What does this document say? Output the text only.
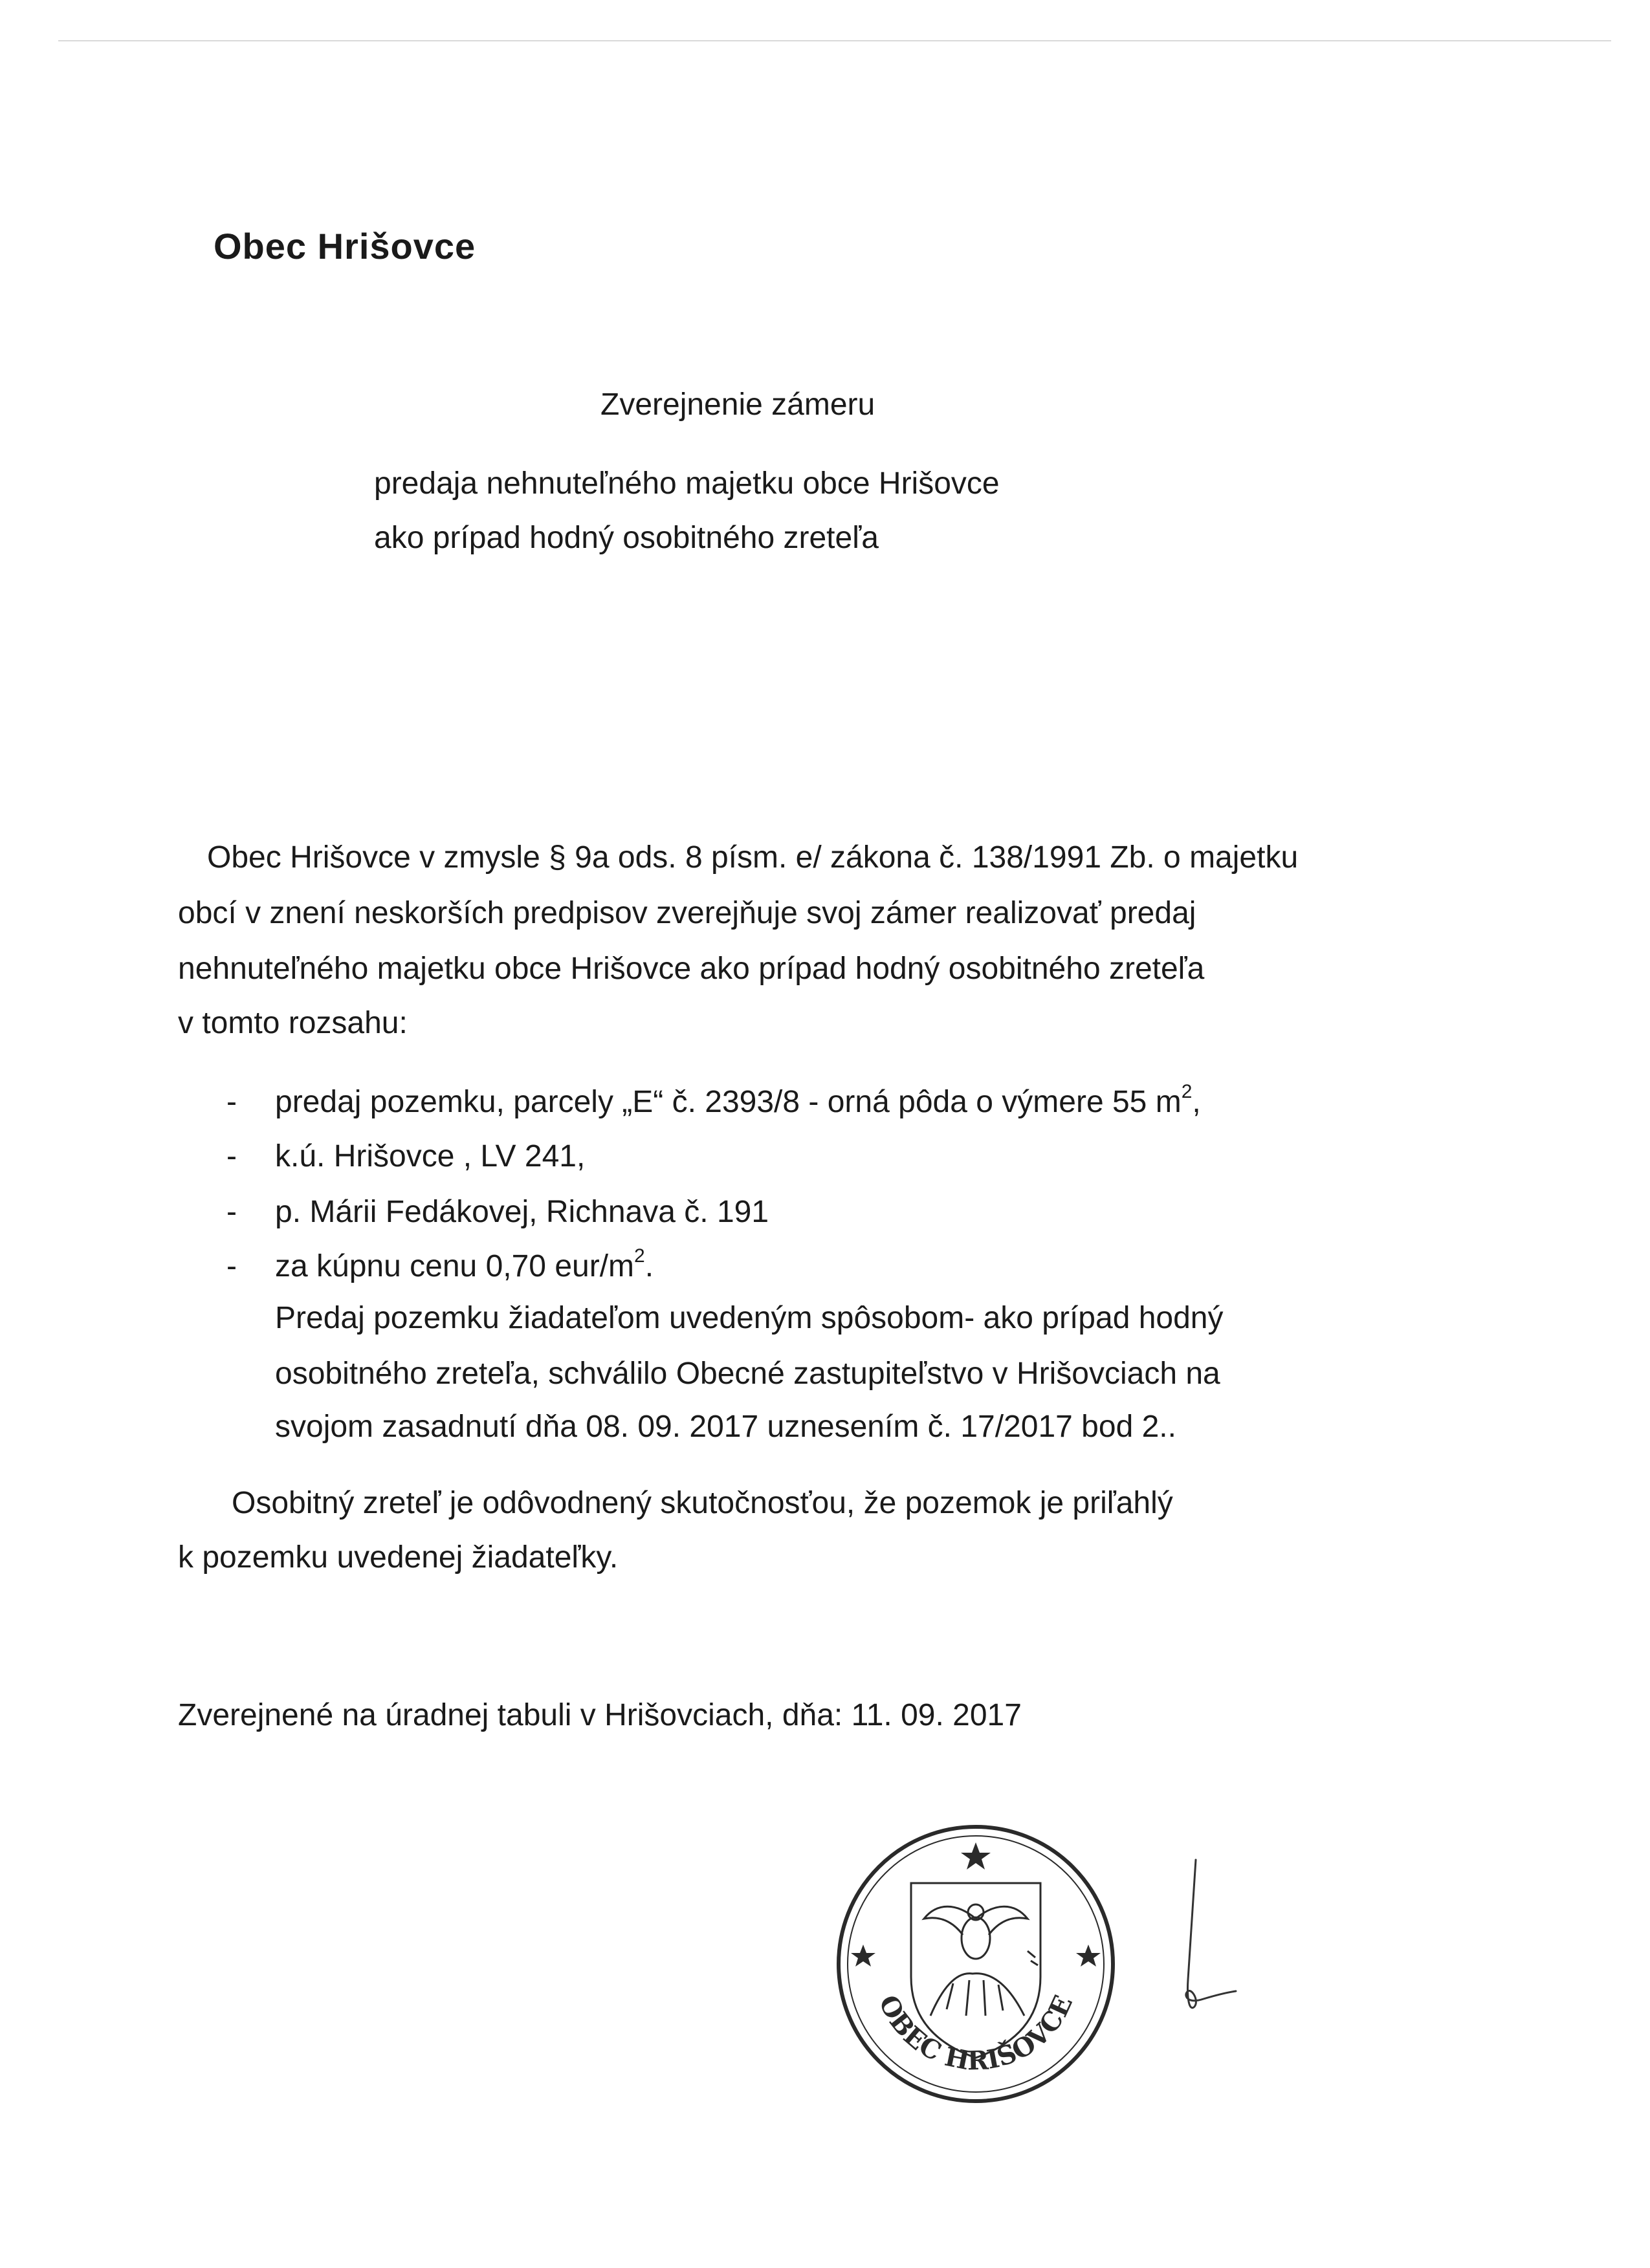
Obec Hrišovce
Zverejnenie zámeru
predaja nehnuteľného majetku obce Hrišovce
ako prípad hodný osobitného zreteľa
Obec Hrišovce v zmysle § 9a ods. 8 písm. e/ zákona č. 138/1991 Zb. o majetku
obcí v znení neskorších predpisov zverejňuje svoj zámer realizovať predaj
nehnuteľného majetku obce Hrišovce ako prípad hodný osobitného zreteľa
v tomto rozsahu:
- predaj pozemku, parcely „E“ č. 2393/8 - orná pôda o výmere 55 $m^2$,
- k.ú. Hrišovce , LV 241,
- p. Márii Fedákovej, Richnava č. 191
- za kúpnu cenu 0,70 eur/$m^2$.
Predaj pozemku žiadateľom uvedeným spôsobom- ako prípad hodný
osobitného zreteľa, schválilo Obecné zastupiteľstvo v Hrišovciach na
svojom zasadnutí dňa 08. 09. 2017 uznesením č. 17/2017 bod 2..
Osobitný zreteľ je odôvodnený skutočnosťou, že pozemok je priľahlý
k pozemku uvedenej žiadateľky.
Zverejnené na úradnej tabuli v Hrišovciach, dňa: 11. 09. 2017
OBEC HRIŠOVCE
